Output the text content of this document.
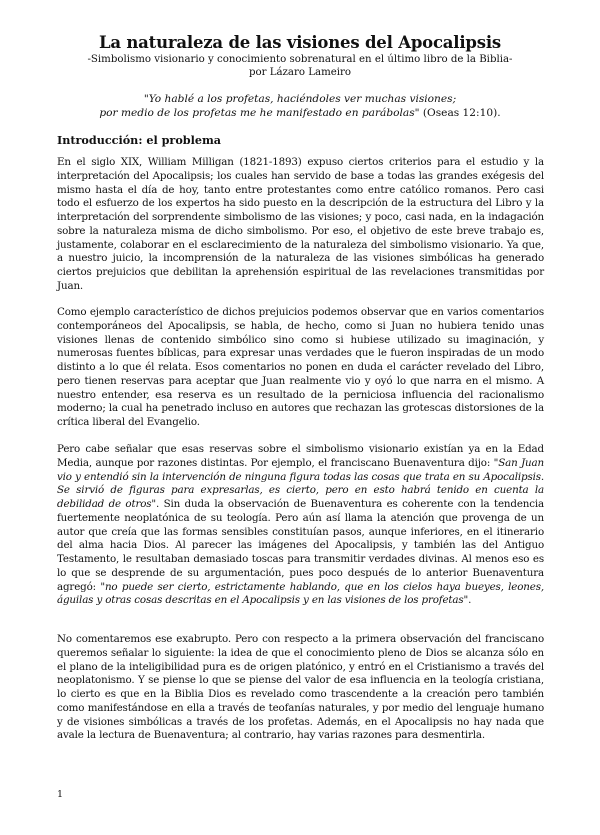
La naturaleza de las visiones del Apocalipsis
-Simbolismo visionario y conocimiento sobrenatural en el último libro de la Biblia-
por Lázaro Lameiro
"Yo hablé a los profetas, haciéndoles ver muchas visiones;
por medio de los profetas me he manifestado en parábolas" (Oseas 12:10).
Introducción: el problema

En el siglo XIX, William Milligan (1821-1893) expuso ciertos criterios para el estudio y la interpretación del Apocalipsis; los cuales han servido de base a todas las grandes exégesis del mismo hasta el día de hoy, tanto entre protestantes como entre católico romanos. Pero casi todo el esfuerzo de los expertos ha sido puesto en la descripción de la estructura del Libro y la interpretación del sorprendente simbolismo de las visiones; y poco, casi nada, en la indagación sobre la naturaleza misma de dicho simbolismo. Por eso, el objetivo de este breve trabajo es, justamente, colaborar en el esclarecimiento de la naturaleza del simbolismo visionario. Ya que, a nuestro juicio, la incomprensión de la naturaleza de las visiones simbólicas ha generado ciertos prejuicios que debilitan la aprehensión espiritual de las revelaciones transmitidas por Juan.

Como ejemplo característico de dichos prejuicios podemos observar que en varios comentarios contemporáneos del Apocalipsis, se habla, de hecho, como si Juan no hubiera tenido unas visiones llenas de contenido simbólico sino como si hubiese utilizado su imaginación, y numerosas fuentes bíblicas, para expresar unas verdades que le fueron inspiradas de un modo distinto a lo que él relata. Esos comentarios no ponen en duda el carácter revelado del Libro, pero tienen reservas para aceptar que Juan realmente vio y oyó lo que narra en el mismo. A nuestro entender, esa reserva es un resultado de la perniciosa influencia del racionalismo moderno; la cual ha penetrado incluso en autores que rechazan las grotescas distorsiones de la crítica liberal del Evangelio.

Pero cabe señalar que esas reservas sobre el simbolismo visionario existían ya en la Edad Media, aunque por razones distintas. Por ejemplo, el franciscano Buenaventura dijo: "San Juan vio y entendió sin la intervención de ninguna figura todas las cosas que trata en su Apocalipsis. Se sirvió de figuras para expresarlas, es cierto, pero en esto habrá tenido en cuenta la debilidad de otros". Sin duda la observación de Buenaventura es coherente con la tendencia fuertemente neoplatónica de su teología. Pero aún así llama la atención que provenga de un autor que creía que las formas sensibles constituían pasos, aunque inferiores, en el itinerario del alma hacia Dios. Al parecer las imágenes del Apocalipsis, y también las del Antiguo Testamento, le resultaban demasiado toscas para transmitir verdades divinas. Al menos eso es lo que se desprende de su argumentación, pues poco después de lo anterior Buenaventura agregó: "no puede ser cierto, estrictamente hablando, que en los cielos haya bueyes, leones, águilas y otras cosas descritas en el Apocalipsis y en las visiones de los profetas".

No comentaremos ese exabrupto. Pero con respecto a la primera observación del franciscano queremos señalar lo siguiente: la idea de que el conocimiento pleno de Dios se alcanza sólo en el plano de la inteligibilidad pura es de origen platónico, y entró en el Cristianismo a través del neoplatonismo. Y se piense lo que se piense del valor de esa influencia en la teología cristiana, lo cierto es que en la Biblia Dios es revelado como trascendente a la creación pero también como manifestándose en ella a través de teofanías naturales, y por medio del lenguaje humano y de visiones simbólicas a través de los profetas. Además, en el Apocalipsis no hay nada que avale la lectura de Buenaventura; al contrario, hay varias razones para desmentirla.

1
